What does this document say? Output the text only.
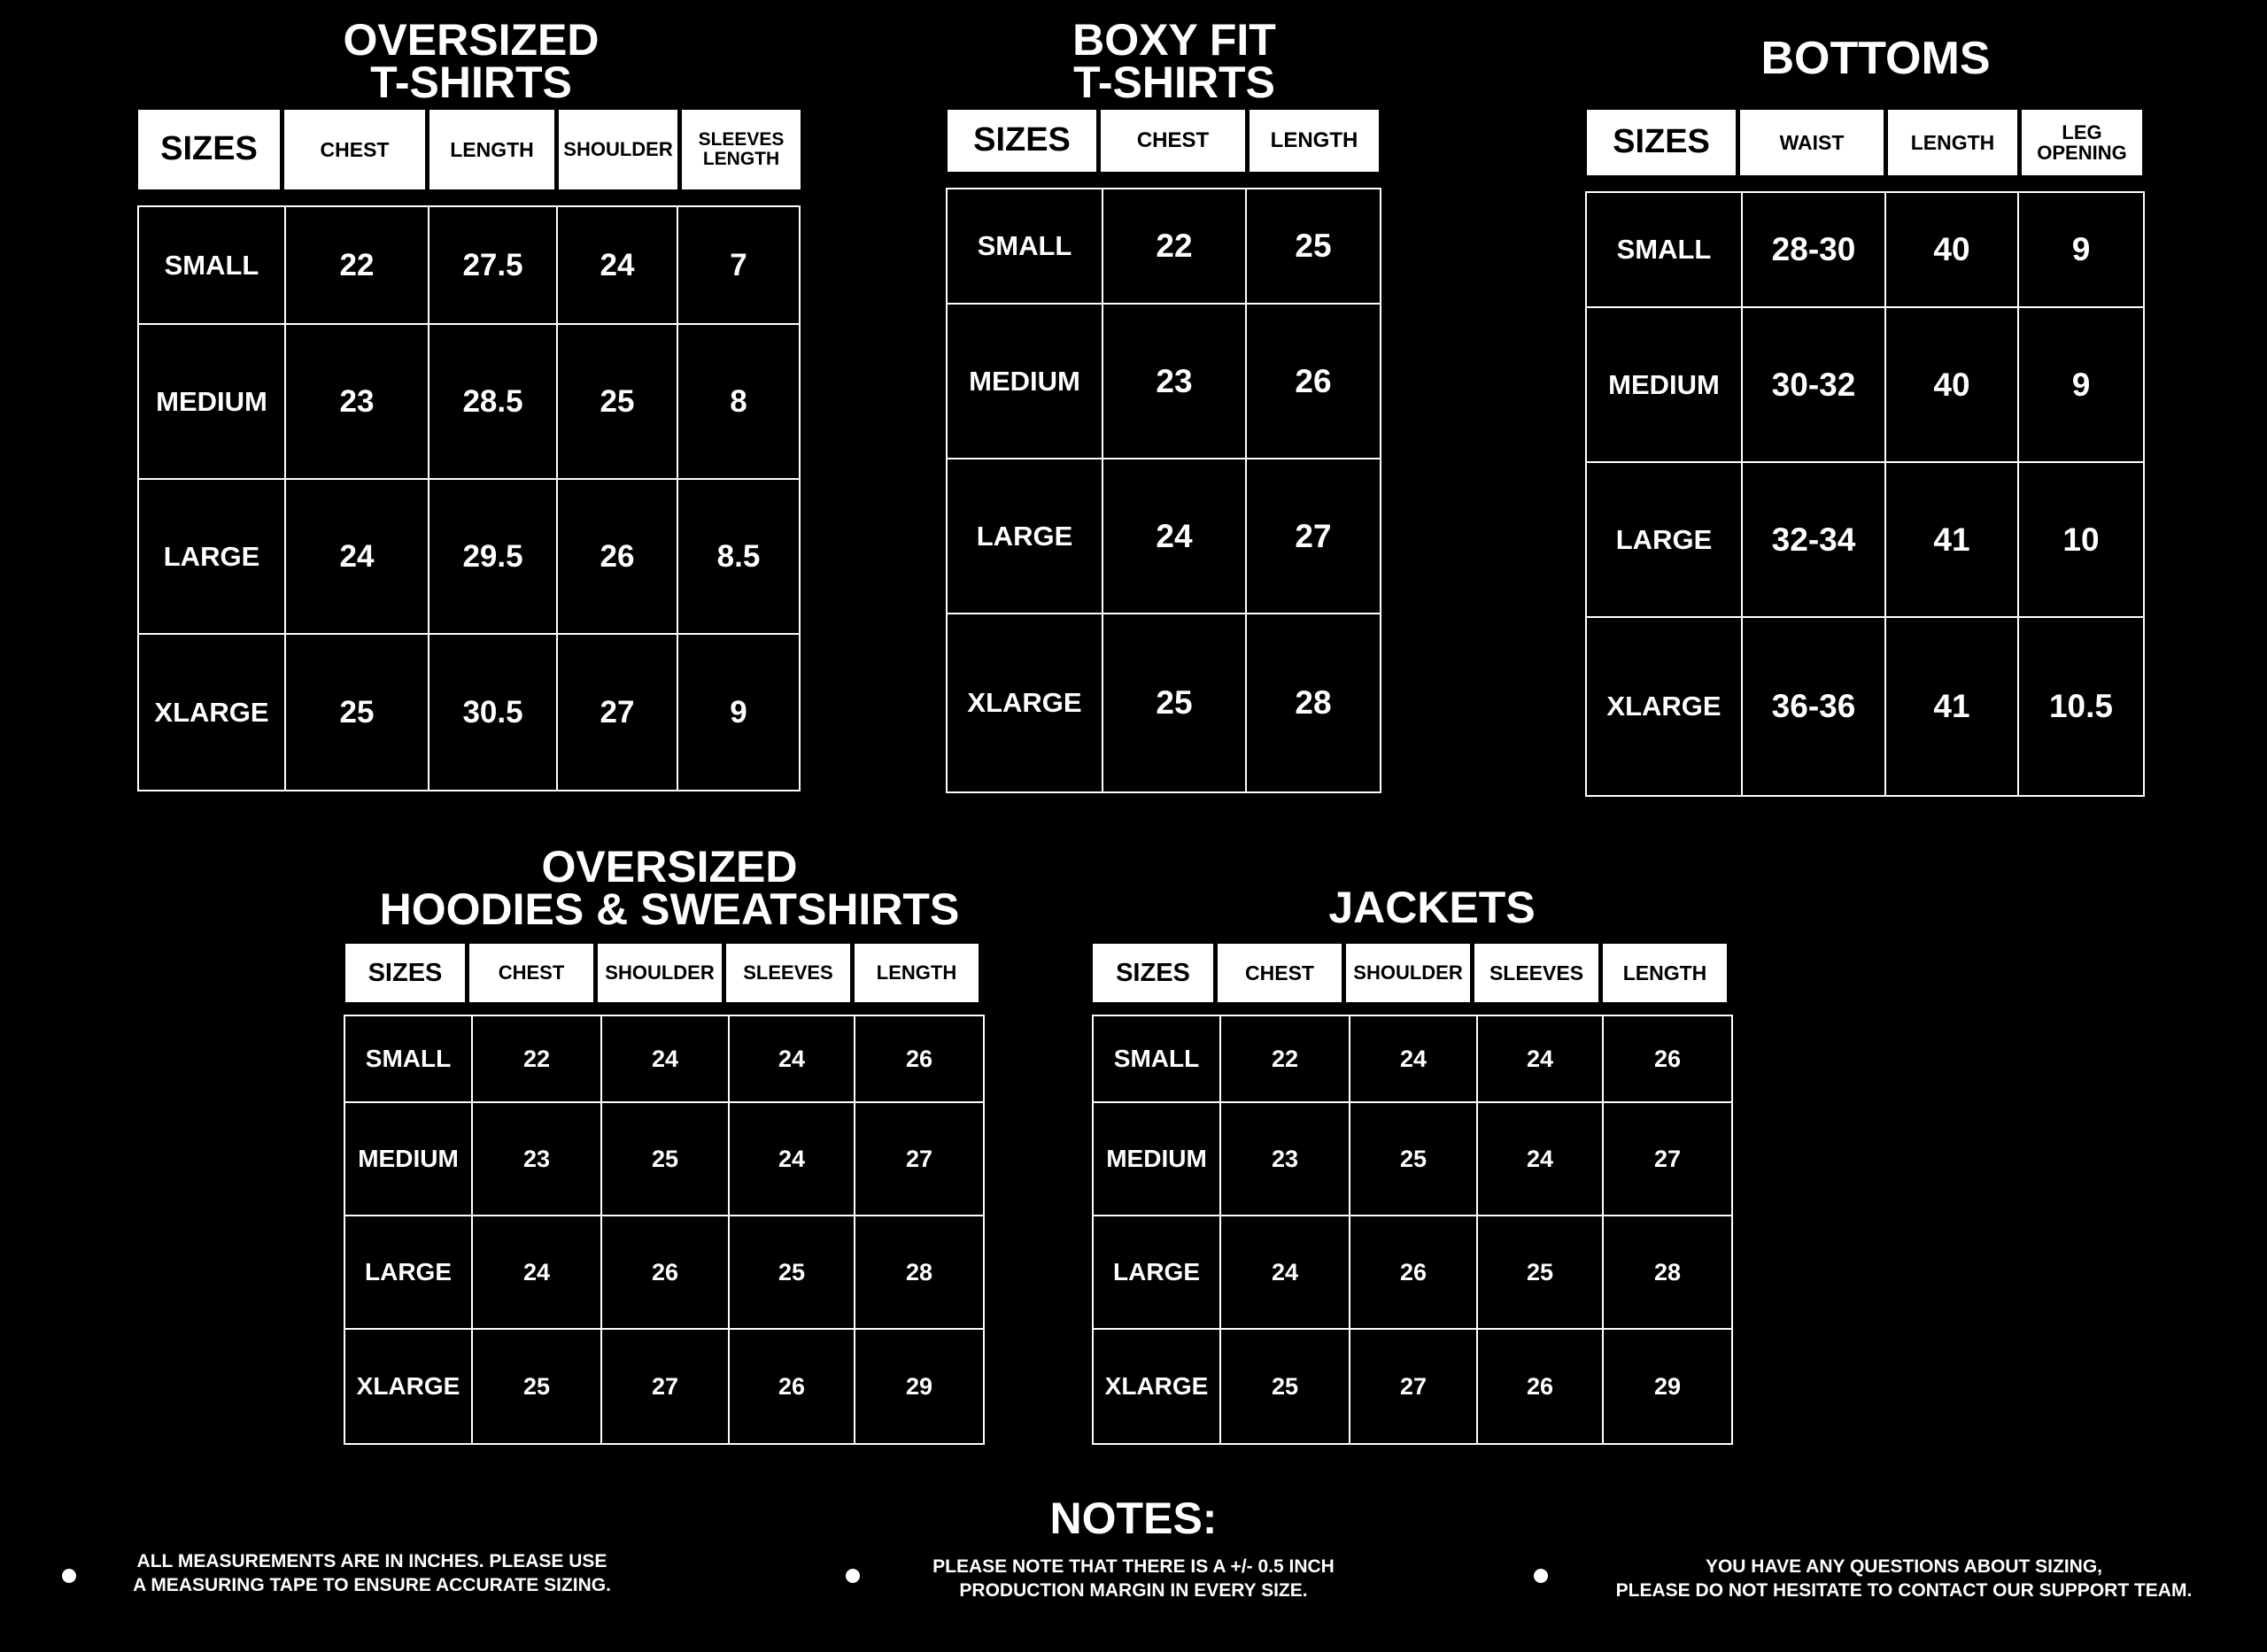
OVERSIZED
T-SHIRTS
SIZES	CHEST	LENGTH	SHOULDER	SLEEVES
LENGTH
SMALL	22	27.5	24	7
MEDIUM	23	28.5	25	8
LARGE	24	29.5	26	8.5
XLARGE	25	30.5	27	9
BOXY FIT
T-SHIRTS
SIZES	CHEST	LENGTH
SMALL	22	25
MEDIUM	23	26
LARGE	24	27
XLARGE	25	28
BOTTOMS
SIZES	WAIST	LENGTH	LEG
OPENING
SMALL	28-30	40	9
MEDIUM	30-32	40	9
LARGE	32-34	41	10
XLARGE	36-36	41	10.5
OVERSIZED
HOODIES & SWEATSHIRTS
SIZES	CHEST	SHOULDER	SLEEVES	LENGTH
SMALL	22	24	24	26
MEDIUM	23	25	24	27
LARGE	24	26	25	28
XLARGE	25	27	26	29
JACKETS
SIZES	CHEST	SHOULDER	SLEEVES	LENGTH
SMALL	22	24	24	26
MEDIUM	23	25	24	27
LARGE	24	26	25	28
XLARGE	25	27	26	29
NOTES:
ALL MEASUREMENTS ARE IN INCHES. PLEASE USE
A MEASURING TAPE TO ENSURE ACCURATE SIZING.
PLEASE NOTE THAT THERE IS A +/- 0.5 INCH
PRODUCTION MARGIN IN EVERY SIZE.
YOU HAVE ANY QUESTIONS ABOUT SIZING,
PLEASE DO NOT HESITATE TO CONTACT OUR SUPPORT TEAM.
